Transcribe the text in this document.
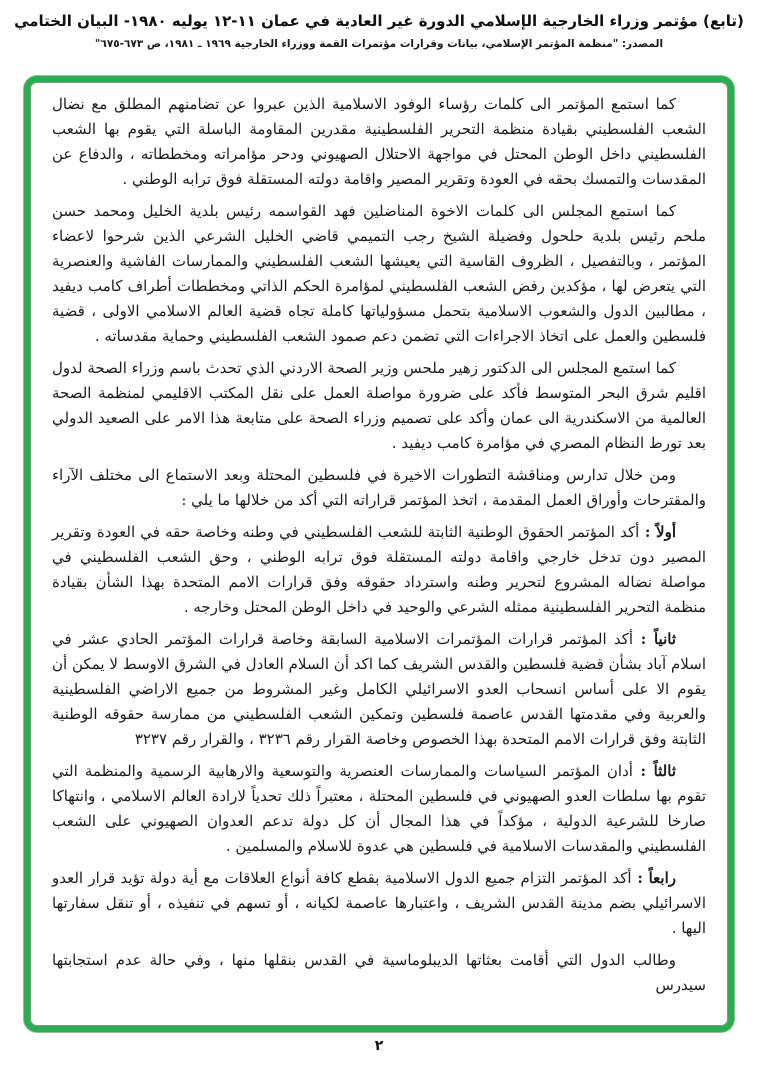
(تابع) مؤتمر وزراء الخارجية الإسلامي الدورة غير العادية في عمان ١١-١٢ يوليه ١٩٨٠- البيان الختامي
المصدر: "منظمة المؤتمر الإسلامي، بيانات وقرارات مؤتمرات القمة ووزراء الخارجية ١٩٦٩ ـ ١٩٨١، ص ٦٧٣-٦٧٥"

كما استمع المؤتمر الى كلمات رؤساء الوفود الاسلامية الذين عبروا عن تضامنهم المطلق مع نضال الشعب الفلسطيني بقيادة منظمة التحرير الفلسطينية مقدرين المقاومة الباسلة التي يقوم بها الشعب الفلسطيني داخل الوطن المحتل في مواجهة الاحتلال الصهيوني ودحر مؤامراته ومخططاته ، والدفاع عن المقدسات والتمسك بحقه في العودة وتقرير المصير واقامة دولته المستقلة فوق ترابه الوطني .

كما استمع المجلس الى كلمات الاخوة المناضلين فهد القواسمه رئيس بلدية الخليل ومحمد حسن ملحم رئيس بلدية حلحول وفضيلة الشيخ رجب التميمي قاضي الخليل الشرعي الذين شرحوا لاعضاء المؤتمر ، وبالتفصيل ، الظروف القاسية التي يعيشها الشعب الفلسطيني والممارسات الفاشية والعنصرية التي يتعرض لها ، مؤكدين رفض الشعب الفلسطيني لمؤامرة الحكم الذاتي ومخططات أطراف كامب ديفيد ، مطالبين الدول والشعوب الاسلامية بتحمل مسؤولياتها كاملة تجاه قضية العالم الاسلامي الاولى ، قضية فلسطين والعمل على اتخاذ الاجراءات التي تضمن دعم صمود الشعب الفلسطيني وحماية مقدساته .

كما استمع المجلس الى الدكتور زهير ملحس وزير الصحة الاردني الذي تحدث باسم وزراء الصحة لدول اقليم شرق البحر المتوسط فأكد على ضرورة مواصلة العمل على نقل المكتب الاقليمي لمنظمة الصحة العالمية من الاسكندرية الى عمان وأكد على تصميم وزراء الصحة على متابعة هذا الامر على الصعيد الدولي بعد تورط النظام المصري في مؤامرة كامب ديفيد .

ومن خلال تدارس ومناقشة التطورات الاخيرة في فلسطين المحتلة وبعد الاستماع الى مختلف الآراء والمقترحات وأوراق العمل المقدمة ، اتخذ المؤتمر قراراته التي أكد من خلالها ما يلي :

أولاً : أكد المؤتمر الحقوق الوطنية الثابتة للشعب الفلسطيني في وطنه وخاصة حقه في العودة وتقرير المصير دون تدخل خارجي واقامة دولته المستقلة فوق ترابه الوطني ، وحق الشعب الفلسطيني في مواصلة نضاله المشروع لتحرير وطنه واسترداد حقوقه وفق قرارات الامم المتحدة بهذا الشأن بقيادة منظمة التحرير الفلسطينية ممثله الشرعي والوحيد في داخل الوطن المحتل وخارجه .

ثانياً : أكد المؤتمر قرارات المؤتمرات الاسلامية السابقة وخاصة قرارات المؤتمر الحادي عشر في اسلام آباد بشأن قضية فلسطين والقدس الشريف كما اكد أن السلام العادل في الشرق الاوسط لا يمكن أن يقوم الا على أساس انسحاب العدو الاسرائيلي الكامل وغير المشروط من جميع الاراضي الفلسطينية والعربية وفي مقدمتها القدس عاصمة فلسطين وتمكين الشعب الفلسطيني من ممارسة حقوقه الوطنية الثابتة وفق قرارات الامم المتحدة بهذا الخصوص وخاصة القرار رقم ٣٢٣٦ ، والقرار رقم ٣٢٣٧

ثالثاً : أدان المؤتمر السياسات والممارسات العنصرية والتوسعية والارهابية الرسمية والمنظمة التي تقوم بها سلطات العدو الصهيوني في فلسطين المحتلة ، معتبراً ذلك تحدياً لارادة العالم الاسلامي ، وانتهاكا صارخا للشرعية الدولية ، مؤكداً في هذا المجال أن كل دولة تدعم العدوان الصهيوني على الشعب الفلسطيني والمقدسات الاسلامية في فلسطين هي عدوة للاسلام والمسلمين .

رابعاً : أكد المؤتمر التزام جميع الدول الاسلامية بقطع كافة أنواع العلاقات مع أية دولة تؤيد قرار العدو الاسرائيلي بضم مدينة القدس الشريف ، واعتبارها عاصمة لكيانه ، أو تسهم في تنفيذه ، أو تنقل سفارتها اليها .

وطالب الدول التي أقامت بعثاتها الديبلوماسية في القدس بنقلها منها ، وفي حالة عدم استجابتها سيدرس

٢
